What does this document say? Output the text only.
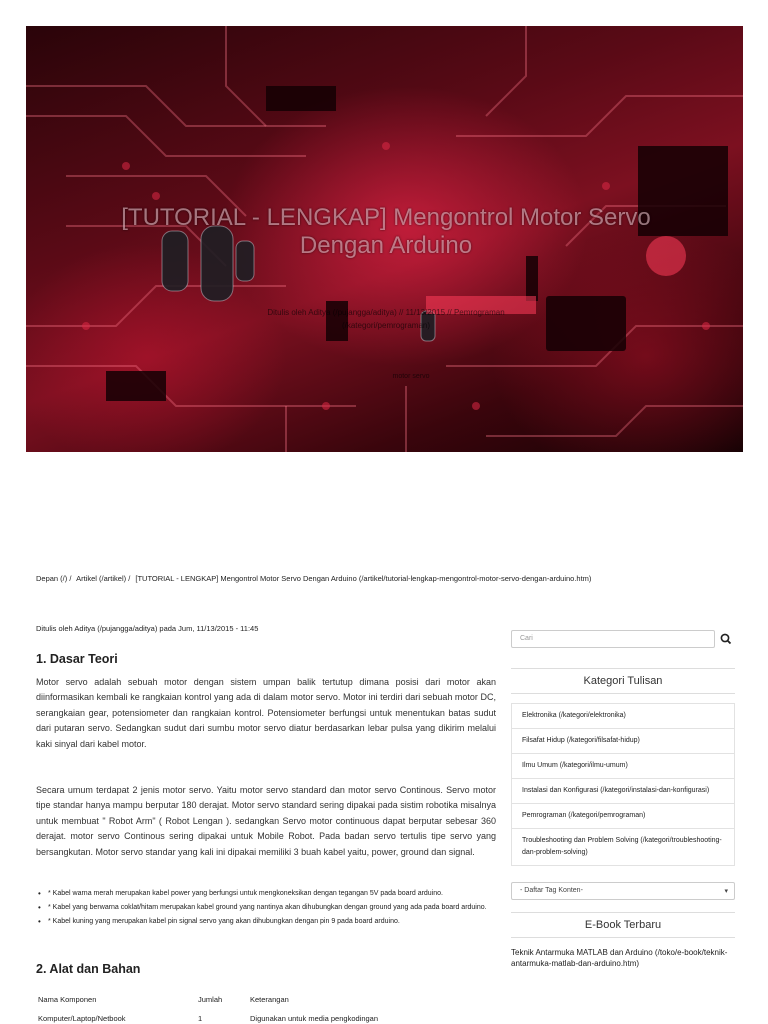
[TUTORIAL - LENGKAP] Mengontrol Motor Servo Dengan Arduino
Ditulis oleh Aditya (/pujangga/aditya) // 11/13/2015 // Pemrograman
(/kategori/pemrograman)
motor servo
Depan (/) / Artikel (/artikel) / [TUTORIAL - LENGKAP] Mengontrol Motor Servo Dengan Arduino (/artikel/tutorial-lengkap-mengontrol-motor-servo-dengan-arduino.htm)
Ditulis oleh Aditya (/pujangga/aditya) pada Jum, 11/13/2015 - 11:45
1. Dasar Teori

Motor servo adalah sebuah motor dengan sistem umpan balik tertutup dimana posisi dari motor akan diinformasikan kembali ke rangkaian kontrol yang ada di dalam motor servo. Motor ini terdiri dari sebuah motor DC, serangkaian gear, potensiometer dan rangkaian kontrol. Potensiometer berfungsi untuk menentukan batas sudut dari putaran servo. Sedangkan sudut dari sumbu motor servo diatur berdasarkan lebar pulsa yang dikirim melalui kaki sinyal dari kabel motor.

Secara umum terdapat 2 jenis motor servo. Yaitu motor servo standard dan motor servo Continous. Servo motor tipe standar hanya mampu berputar 180 derajat. Motor servo standard sering dipakai pada sistim robotika misalnya untuk membuat " Robot Arm" ( Robot Lengan ). sedangkan Servo motor continuous dapat berputar sebesar 360 derajat. motor servo Continous sering dipakai untuk Mobile Robot. Pada badan servo tertulis tipe servo yang bersangkutan. Motor servo standar yang kali ini dipakai memiliki 3 buah kabel yaitu, power, ground dan signal.

• * Kabel warna merah merupakan kabel power yang berfungsi untuk mengkoneksikan dengan tegangan 5V pada board arduino.
• * Kabel yang berwarna coklat/hitam merupakan kabel ground yang nantinya akan dihubungkan dengan ground yang ada pada board arduino.
• * Kabel kuning yang merupakan kabel pin signal servo yang akan dihubungkan dengan pin 9 pada board arduino.
2. Alat dan Bahan
Nama Komponen	Jumlah	Keterangan
Komputer/Laptop/Netbook	1	Digunakan untuk media pengkodingan
Cari
Kategori Tulisan
Elektronika (/kategori/elektronika)
Filsafat Hidup (/kategori/filsafat-hidup)
Ilmu Umum (/kategori/ilmu-umum)
Instalasi dan Konfigurasi (/kategori/instalasi-dan-konfigurasi)
Pemrograman (/kategori/pemrograman)
Troubleshooting dan Problem Solving (/kategori/troubleshooting-dan-problem-solving)
- Daftar Tag Konten-	▾
E-Book Terbaru
Teknik Antarmuka MATLAB dan Arduino (/toko/e-book/teknik-antarmuka-matlab-dan-arduino.htm)
